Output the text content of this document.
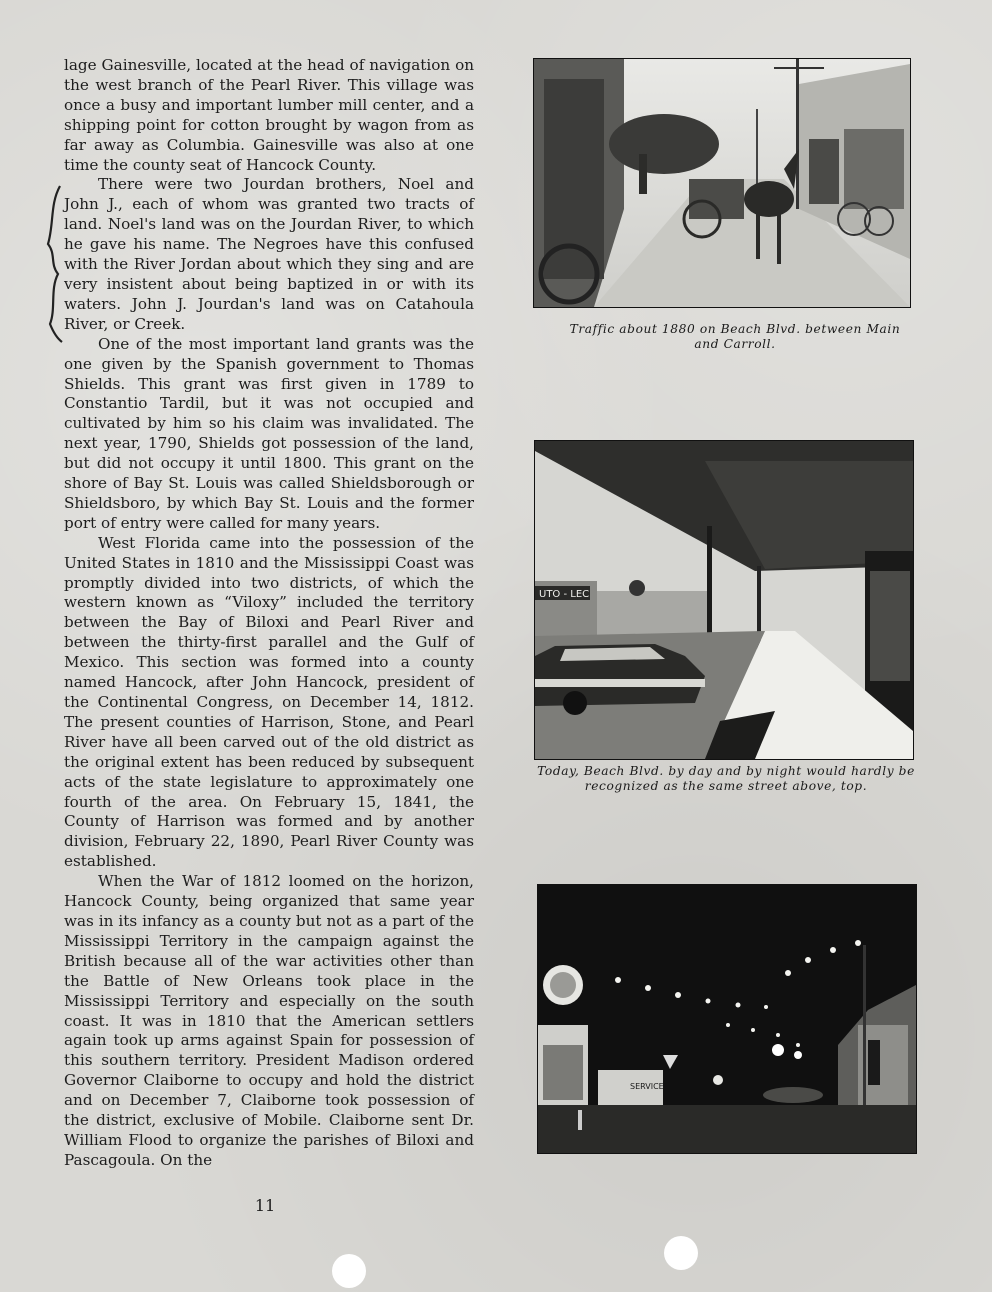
lage Gainesville, located at the head of navigation on the west branch of the Pearl River. This village was once a busy and important lumber mill center, and a shipping point for cotton brought by wagon from as far away as Columbia. Gainesville was also at one time the county seat of Hancock County.

There were two Jourdan brothers, Noel and John J., each of whom was granted two tracts of land. Noel's land was on the Jourdan River, to which he gave his name. The Negroes have this confused with the River Jordan about which they sing and are very insistent about being baptized in or with its waters. John J. Jourdan's land was on Catahoula River, or Creek.

One of the most important land grants was the one given by the Spanish government to Thomas Shields. This grant was first given in 1789 to Constantio Tardil, but it was not occupied and cultivated by him so his claim was invalidated. The next year, 1790, Shields got possession of the land, but did not occupy it until 1800. This grant on the shore of Bay St. Louis was called Shieldsborough or Shieldsboro, by which Bay St. Louis and the former port of entry were called for many years.

West Florida came into the possession of the United States in 1810 and the Mississippi Coast was promptly divided into two districts, of which the western known as “Viloxy” included the territory between the Bay of Biloxi and Pearl River and between the thirty-first parallel and the Gulf of Mexico. This section was formed into a county named Hancock, after John Hancock, president of the Continental Congress, on December 14, 1812. The present counties of Harrison, Stone, and Pearl River have all been carved out of the old district as the original extent has been reduced by subsequent acts of the state legislature to approximately one fourth of the area. On February 15, 1841, the County of Harrison was formed and by another division, February 22, 1890, Pearl River County was established.

When the War of 1812 loomed on the horizon, Hancock County, being organized that same year was in its infancy as a county but not as a part of the Mississippi Territory in the campaign against the British because all of the war activities other than the Battle of New Orleans took place in the Mississippi Territory and especially on the south coast. It was in 1810 that the American settlers again took up arms against Spain for possession of this southern territory. President Madison ordered Governor Claiborne to occupy and hold the district and on December 7, Claiborne took possession of the district, exclusive of Mobile. Claiborne sent Dr. William Flood to organize the parishes of Biloxi and Pascagoula. On the

Traffic about 1880 on Beach Blvd. between Main and Carroll.
UTO - LEC
Today, Beach Blvd. by day and by night would hardly be recognized as the same street above, top.
SERVICE
11
